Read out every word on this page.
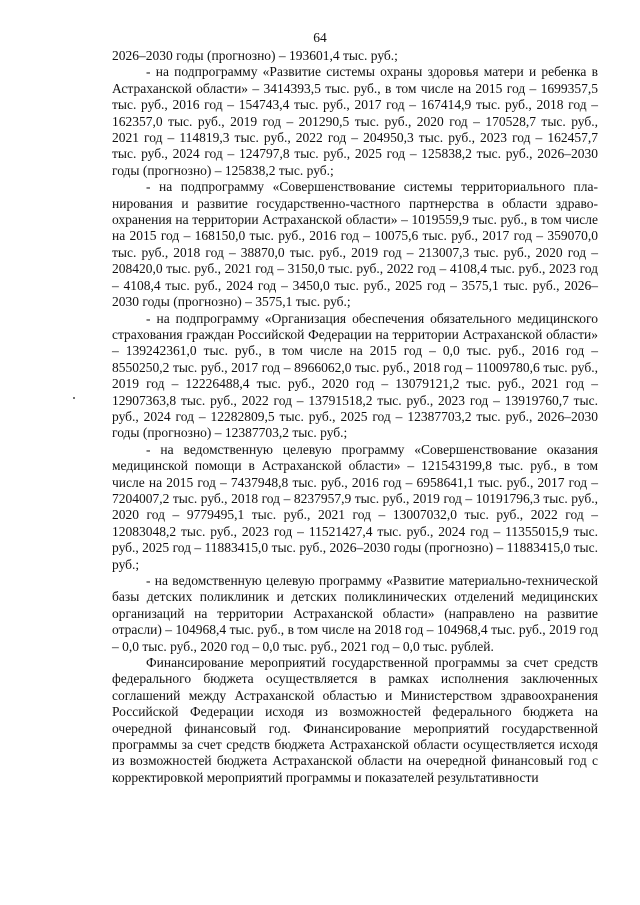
64

2026–2030 годы (прогнозно) – 193601,4 тыс. руб.;

- на подпрограмму «Развитие системы охраны здоровья матери и ребенка в Астраханской области» – 3414393,5 тыс. руб., в том числе на 2015 год – 1699357,5 тыс. руб., 2016 год – 154743,4 тыс. руб., 2017 год – 167414,9 тыс. руб., 2018 год – 162357,0 тыс. руб., 2019 год – 201290,5 тыс. руб., 2020 год – 170528,7 тыс. руб., 2021 год – 114819,3 тыс. руб., 2022 год – 204950,3 тыс. руб., 2023 год – 162457,7 тыс. руб., 2024 год – 124797,8 тыс. руб., 2025 год – 125838,2 тыс. руб., 2026–2030 годы (прогнозно) – 125838,2 тыс. руб.;

- на подпрограмму «Совершенствование системы территориального планирования и развитие государственно-частного партнерства в области здравоохранения на территории Астраханской области» – 1019559,9 тыс. руб., в том числе на 2015 год – 168150,0 тыс. руб., 2016 год – 10075,6 тыс. руб., 2017 год – 359070,0 тыс. руб., 2018 год – 38870,0 тыс. руб., 2019 год – 213007,3 тыс. руб., 2020 год – 208420,0 тыс. руб., 2021 год – 3150,0 тыс. руб., 2022 год – 4108,4 тыс. руб., 2023 год – 4108,4 тыс. руб., 2024 год – 3450,0 тыс. руб., 2025 год – 3575,1 тыс. руб., 2026–2030 годы (прогнозно) – 3575,1 тыс. руб.;

- на подпрограмму «Организация обеспечения обязательного медицинского страхования граждан Российской Федерации на территории Астраханской области» – 139242361,0 тыс. руб., в том числе на 2015 год – 0,0 тыс. руб., 2016 год – 8550250,2 тыс. руб., 2017 год – 8966062,0 тыс. руб., 2018 год – 11009780,6 тыс. руб., 2019 год – 12226488,4 тыс. руб., 2020 год – 13079121,2 тыс. руб., 2021 год – 12907363,8 тыс. руб., 2022 год – 13791518,2 тыс. руб., 2023 год – 13919760,7 тыс. руб., 2024 год – 12282809,5 тыс. руб., 2025 год – 12387703,2 тыс. руб., 2026–2030 годы (прогнозно) – 12387703,2 тыс. руб.;

- на ведомственную целевую программу «Совершенствование оказания медицинской помощи в Астраханской области» – 121543199,8 тыс. руб., в том числе на 2015 год – 7437948,8 тыс. руб., 2016 год – 6958641,1 тыс. руб., 2017 год – 7204007,2 тыс. руб., 2018 год – 8237957,9 тыс. руб., 2019 год – 10191796,3 тыс. руб., 2020 год – 9779495,1 тыс. руб., 2021 год – 13007032,0 тыс. руб., 2022 год – 12083048,2 тыс. руб., 2023 год – 11521427,4 тыс. руб., 2024 год – 11355015,9 тыс. руб., 2025 год – 11883415,0 тыс. руб., 2026–2030 годы (прогнозно) – 11883415,0 тыс. руб.;

- на ведомственную целевую программу «Развитие материально-технической базы детских поликлиник и детских поликлинических отделений медицинских организаций на территории Астраханской области» (направлено на развитие отрасли) – 104968,4 тыс. руб., в том числе на 2018 год – 104968,4 тыс. руб., 2019 год – 0,0 тыс. руб., 2020 год – 0,0 тыс. руб., 2021 год – 0,0 тыс. рублей.

Финансирование мероприятий государственной программы за счет средств федерального бюджета осуществляется в рамках исполнения заключенных соглашений между Астраханской областью и Министерством здравоохранения Российской Федерации исходя из возможностей федерального бюджета на очередной финансовый год. Финансирование мероприятий государственной программы за счет средств бюджета Астраханской области осуществляется исходя из возможностей бюджета Астраханской области на очередной финансовый год с корректировкой мероприятий программы и показателей результативности
